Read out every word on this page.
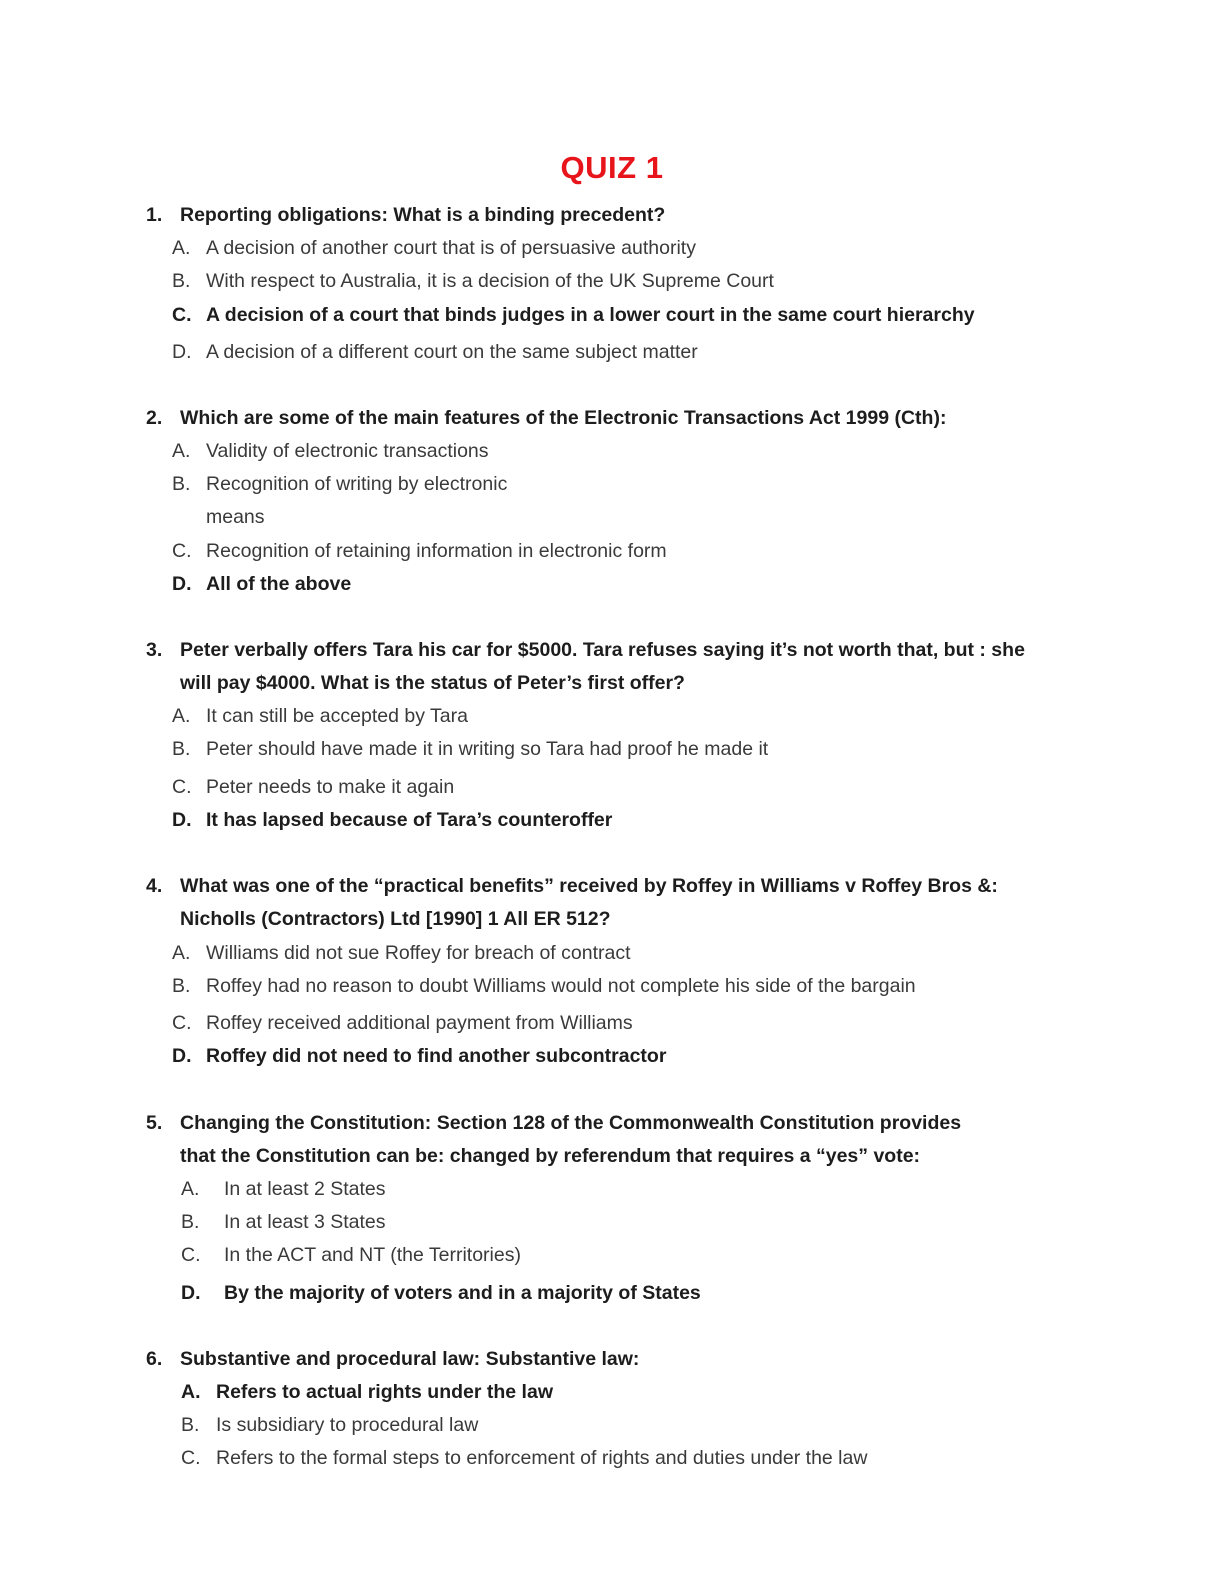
QUIZ 1
1. Reporting obligations: What is a binding precedent?
A. A decision of another court that is of persuasive authority
B. With respect to Australia, it is a decision of the UK Supreme Court
C. A decision of a court that binds judges in a lower court in the same court hierarchy
D. A decision of a different court on the same subject matter
2. Which are some of the main features of the Electronic Transactions Act 1999 (Cth):
A. Validity of electronic transactions
B. Recognition of writing by electronic
means
C. Recognition of retaining information in electronic form
D. All of the above
3. Peter verbally offers Tara his car for $5000. Tara refuses saying it’s not worth that, but : she
will pay $4000. What is the status of Peter’s first offer?
A. It can still be accepted by Tara
B. Peter should have made it in writing so Tara had proof he made it
C. Peter needs to make it again
D. It has lapsed because of Tara’s counteroffer
4. What was one of the “practical benefits” received by Roffey in Williams v Roffey Bros &:
Nicholls (Contractors) Ltd [1990] 1 All ER 512?
A. Williams did not sue Roffey for breach of contract
B. Roffey had no reason to doubt Williams would not complete his side of the bargain
C. Roffey received additional payment from Williams
D. Roffey did not need to find another subcontractor
5. Changing the Constitution: Section 128 of the Commonwealth Constitution provides
that the Constitution can be: changed by referendum that requires a “yes” vote:
A. In at least 2 States
B. In at least 3 States
C. In the ACT and NT (the Territories)
D. By the majority of voters and in a majority of States
6. Substantive and procedural law: Substantive law:
A. Refers to actual rights under the law
B. Is subsidiary to procedural law
C. Refers to the formal steps to enforcement of rights and duties under the law
